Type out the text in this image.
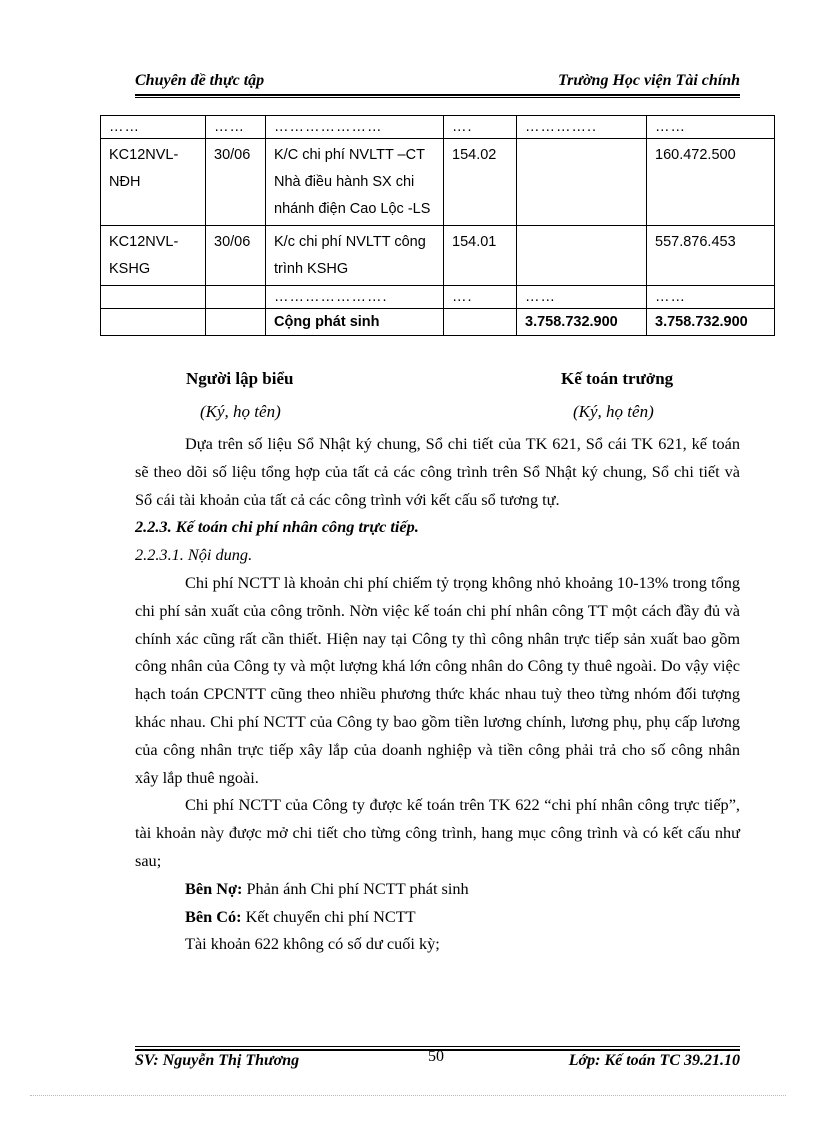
Chuyên đề thực tập	Trường Học viện Tài chính
……	……	…………………	….	…………..	……
KC12NVL-NĐH	30/06	K/C chi phí NVLTT –CT Nhà điều hành SX chi nhánh điện Cao Lộc -LS	154.02		160.472.500
KC12NVL-KSHG	30/06	K/c chi phí NVLTT công trình KSHG	154.01		557.876.453
		………………….	….	……	……
		Cộng phát sinh		3.758.732.900	3.758.732.900
Người lập biểu
(Ký, họ tên)
Kế toán trưởng
(Ký, họ tên)

Dựa trên số liệu Sổ Nhật ký chung, Sổ chi tiết của TK 621, Sổ cái TK 621, kế toán sẽ theo dõi số liệu tổng hợp của tất cả các công trình trên Sổ Nhật ký chung, Sổ chi tiết và Sổ cái tài khoản của tất cả các công trình với kết cấu sổ tương tự.

2.2.3. Kế toán chi phí nhân công trực tiếp.

2.2.3.1. Nội dung.

Chi phí NCTT là khoản chi phí chiếm tỷ trọng không nhỏ khoảng 10-13% trong tổng chi phí sản xuất của công trõnh. Nờn việc kế toán chi phí nhân công TT một cách đầy đủ và chính xác cũng rất cần thiết. Hiện nay tại Công ty thì công nhân trực tiếp sản xuất bao gồm công nhân của Công ty và một lượng khá lớn công nhân do Công ty thuê ngoài. Do vậy việc hạch toán CPCNTT cũng theo nhiều phương thức khác nhau tuỳ theo từng nhóm đối tượng khác nhau. Chi phí NCTT của Công ty bao gồm tiền lương chính, lương phụ, phụ cấp lương của công nhân trực tiếp xây lắp của doanh nghiệp và tiền công phải trả cho số công nhân xây lắp thuê ngoài.

Chi phí NCTT của Công ty được kế toán trên TK 622 “chi phí nhân công trực tiếp”, tài khoản này được mở chi tiết cho từng công trình, hang mục công trình và có kết cấu như sau;

Bên Nợ: Phản ánh Chi phí NCTT phát sinh

Bên Có: Kết chuyển chi phí NCTT

Tài khoản 622 không có số dư cuối kỳ;

SV: Nguyễn Thị Thương	50	Lớp: Kế toán TC 39.21.10
